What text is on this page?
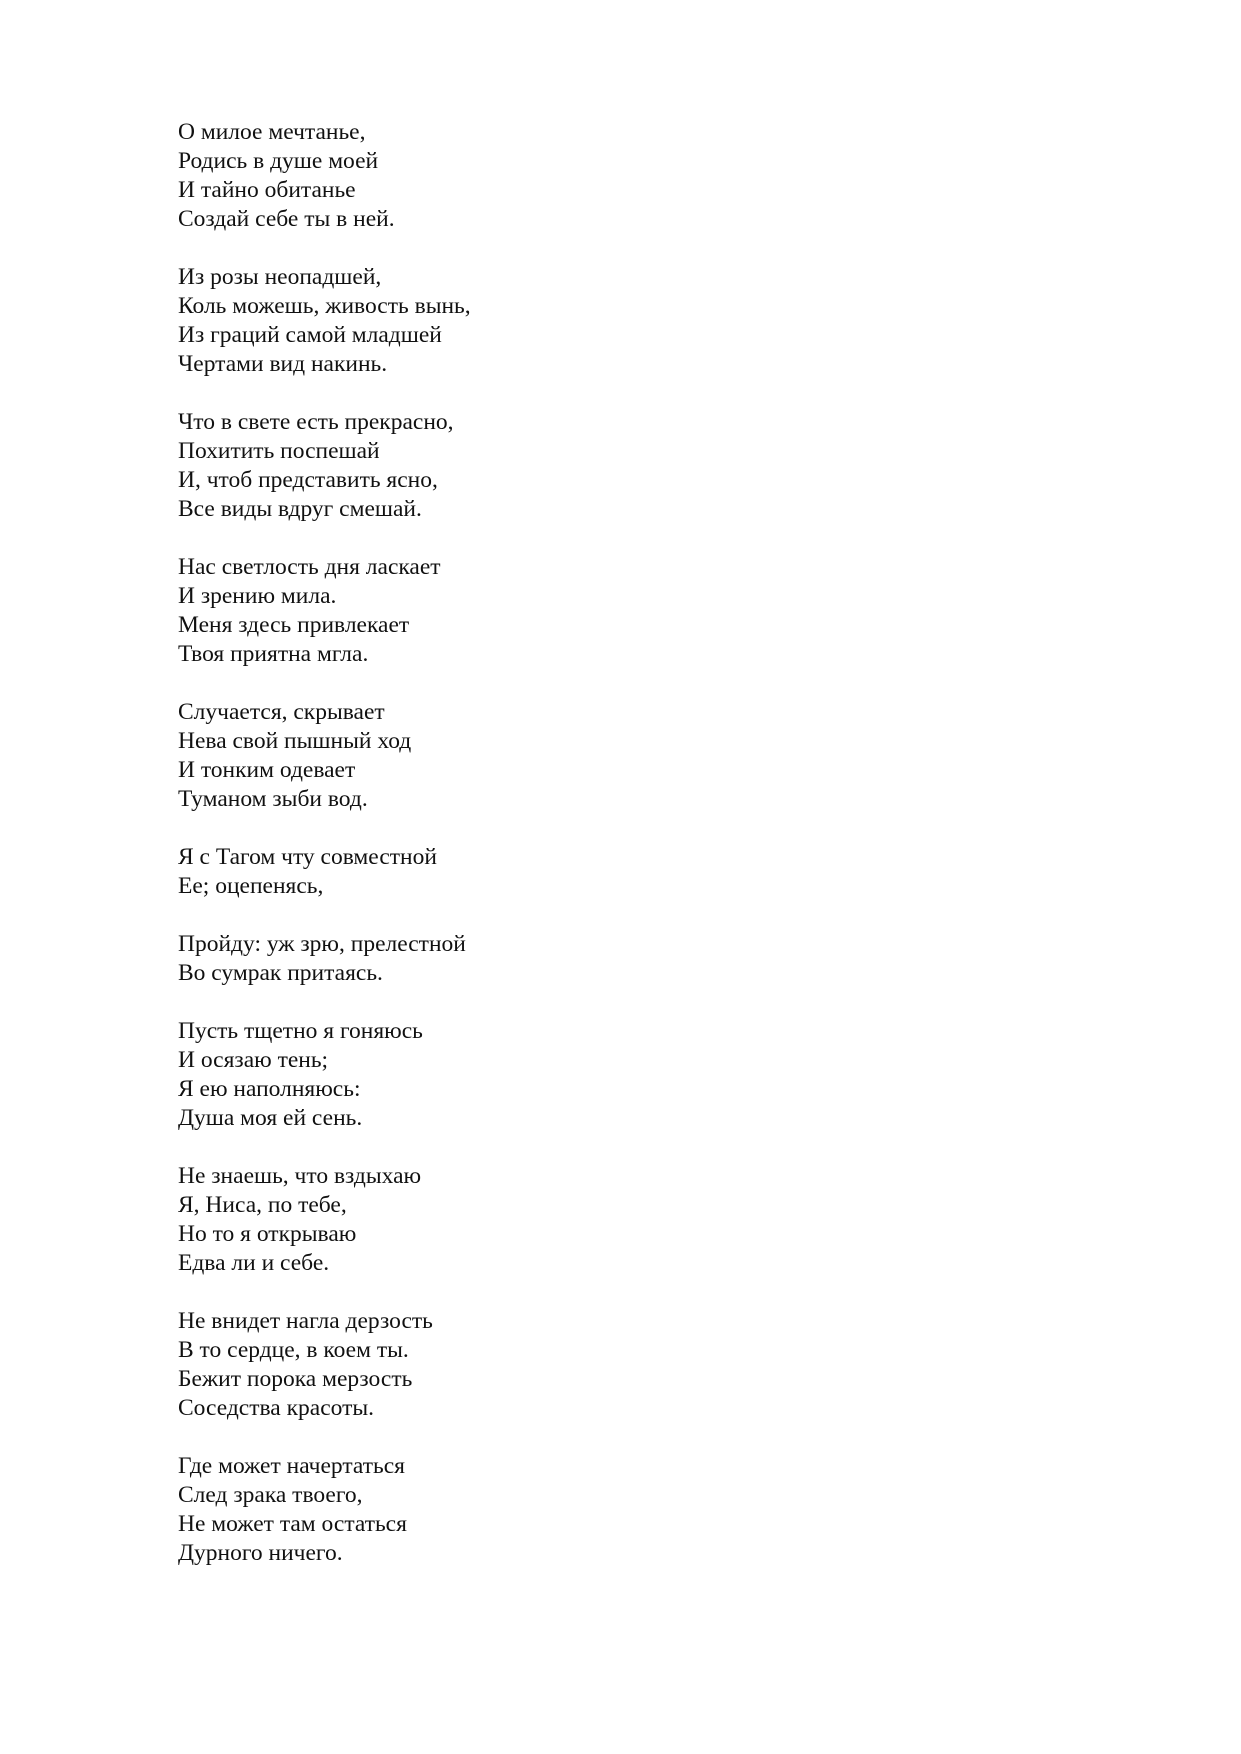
О милое мечтанье,
Родись в душе моей
И тайно обитанье
Создай себе ты в ней.
Из розы неопадшей,
Коль можешь, живость вынь,
Из граций самой младшей
Чертами вид накинь.
Что в свете есть прекрасно,
Похитить поспешай
И, чтоб представить ясно,
Все виды вдруг смешай.
Нас светлость дня ласкает
И зрению мила.
Меня здесь привлекает
Твоя приятна мгла.
Случается, скрывает
Нева свой пышный ход
И тонким одевает
Туманом зыби вод.
Я с Тагом чту совместной
Ее; оцепенясь,
Пройду: уж зрю, прелестной
Во сумрак притаясь.
Пусть тщетно я гоняюсь
И осязаю тень;
Я ею наполняюсь:
Душа моя ей сень.
Не знаешь, что вздыхаю
Я, Ниса, по тебе,
Но то я открываю
Едва ли и себе.
Не внидет нагла дерзость
В то сердце, в коем ты.
Бежит порока мерзость
Соседства красоты.
Где может начертаться
След зрака твоего,
Не может там остаться
Дурного ничего.
